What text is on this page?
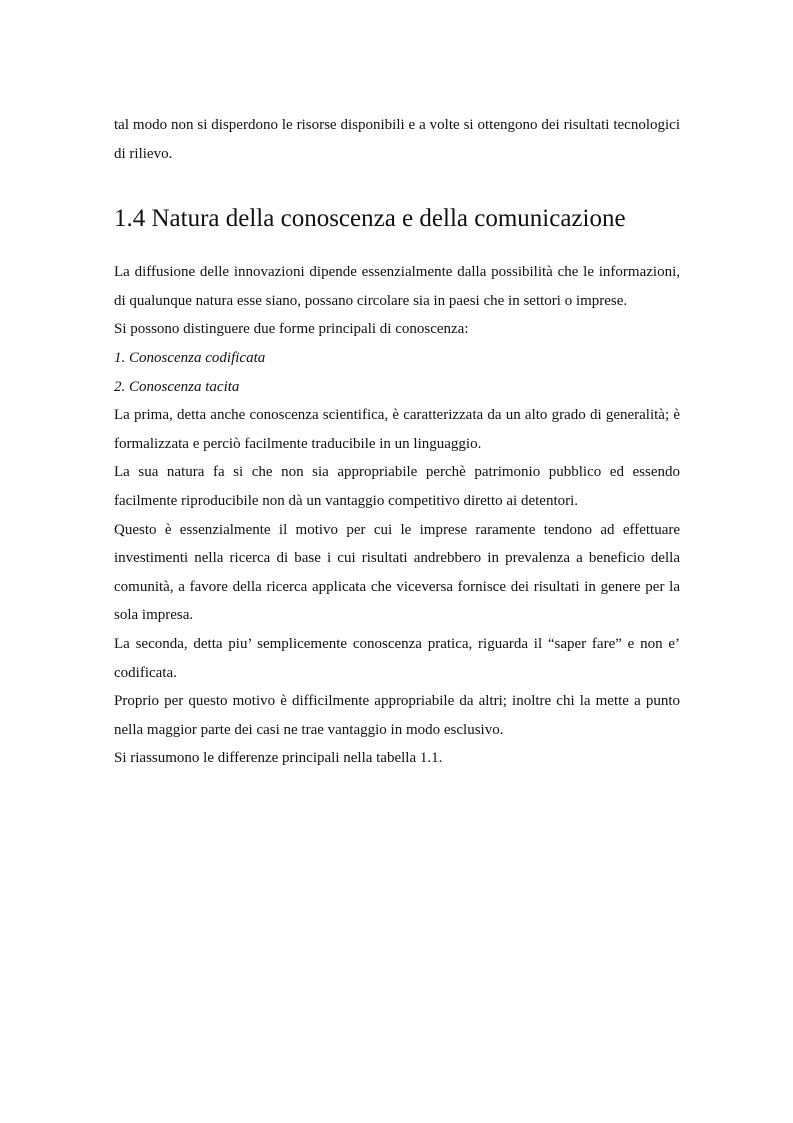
tal modo non si disperdono le risorse disponibili e a volte si ottengono dei risultati tecnologici di rilievo.

1.4 Natura della conoscenza e della comunicazione

La diffusione delle innovazioni dipende essenzialmente dalla possibilità che le informazioni, di qualunque natura esse siano, possano circolare sia in paesi che in settori o imprese.

Si possono distinguere due forme principali di conoscenza:

1. Conoscenza codificata

2. Conoscenza tacita

La prima, detta anche conoscenza scientifica, è caratterizzata da un alto grado di generalità; è formalizzata e perciò facilmente traducibile in un linguaggio.

La sua natura fa si che non sia appropriabile perchè patrimonio pubblico ed essendo facilmente riproducibile non dà un vantaggio competitivo diretto ai detentori.

Questo è essenzialmente il motivo per cui le imprese raramente tendono ad effettuare investimenti nella ricerca di base i cui risultati andrebbero in prevalenza a beneficio della comunità, a favore della ricerca applicata che viceversa fornisce dei risultati in genere per la sola impresa.

La seconda, detta piu’ semplicemente conoscenza pratica, riguarda il “saper fare” e non e’ codificata.

Proprio per questo motivo è difficilmente appropriabile da altri; inoltre chi la mette a punto nella maggior parte dei casi ne trae vantaggio in modo esclusivo.

Si riassumono le differenze principali nella tabella 1.1.
